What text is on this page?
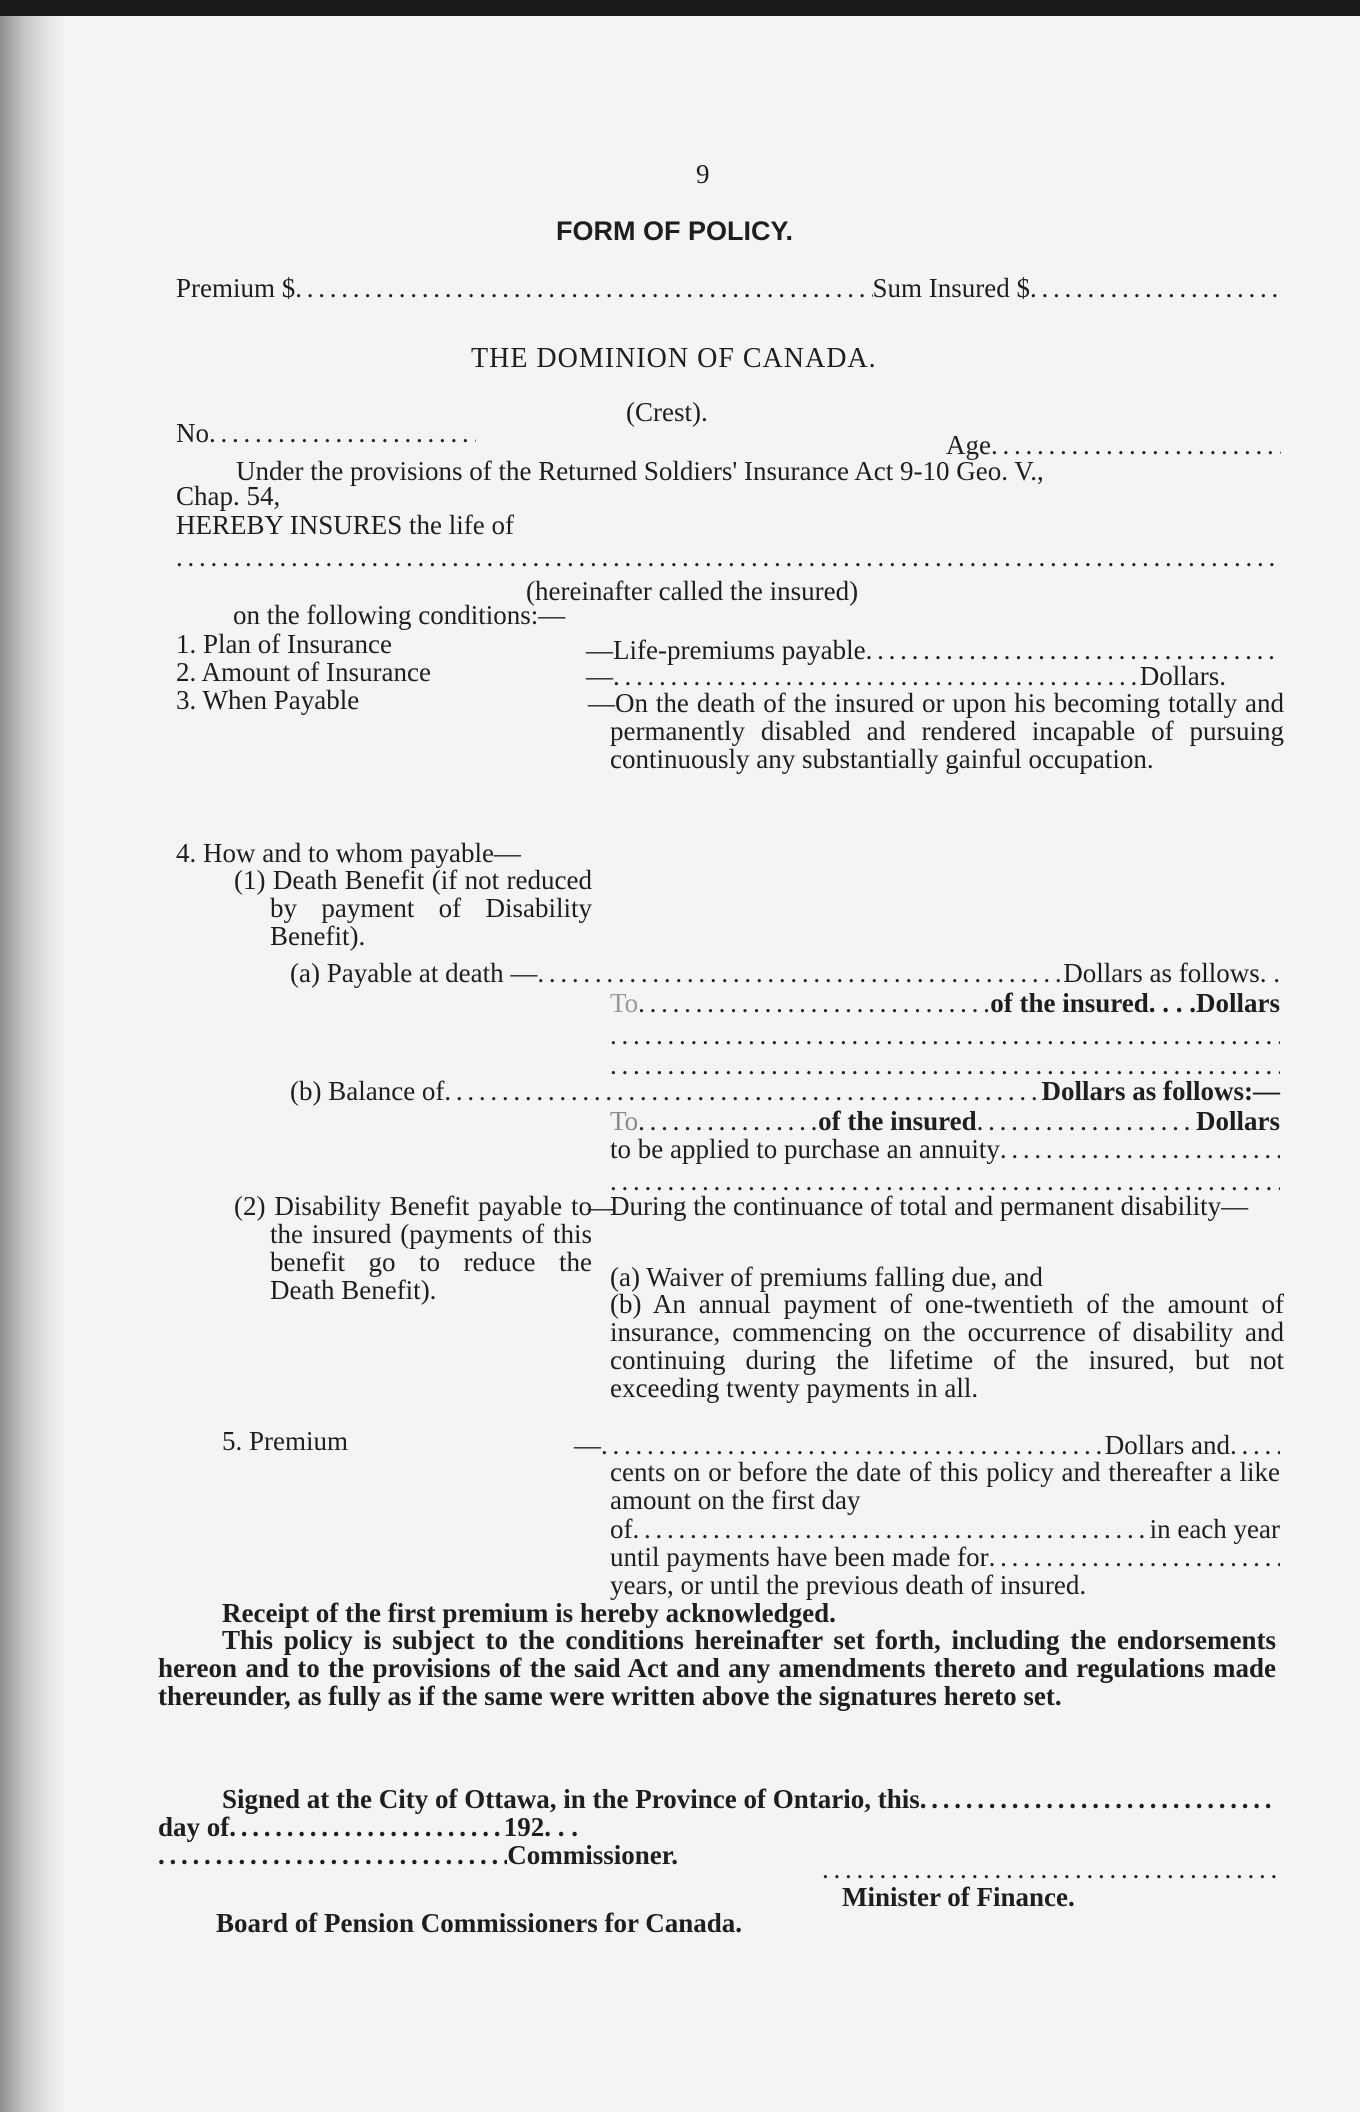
9
FORM OF POLICY.
Premium $ . . .	Sum Insured $
. . .
THE DOMINION OF CANADA.
(Crest).
No . . .	Age
. . .
Under the provisions of the Returned Soldiers' Insurance Act 9-10 Geo. V.,
Chap. 54,
HEREBY INSURES the life of
. . .
(hereinafter called the insured)
on the following conditions:—
1. Plan of Insurance	—Life-premiums payable
. . .
2. Amount of Insurance	— . . .	Dollars.
3. When Payable	—On the death of the insured or upon his becoming totally and permanently disabled and rendered incapable of pursuing continuously any substantially gainful occupation.
4. How and to whom payable—
(1) Death Benefit (if not reduced by payment of Disability Benefit).
(a) Payable at death — . . .	Dollars as follows. .
To . . .	of the insured. . . .Dollars
. . .
. . .
(b) Balance of . . .	Dollars as follows:—
To . . .	of the insured . . .	Dollars
to be applied to purchase an annuity
. . .
. . .
(2) Disability Benefit payable to the insured (payments of this benefit go to reduce the Death Benefit).
—
During the continuance of total and permanent disability—
(a) Waiver of premiums falling due, and
(b) An annual payment of one-twentieth of the amount of insurance, commencing on the occurrence of disability and continuing during the lifetime of the insured, but not exceeding twenty payments in all.
5. Premium	— . . .	Dollars and
. . .
cents on or before the date of this policy and thereafter a like amount on the first day
of . . .	in each year
until payments have been made for
. . .
years, or until the previous death of insured.
Receipt of the first premium is hereby acknowledged.
This policy is subject to the conditions hereinafter set forth, including the endorsements hereon and to the provisions of the said Act and any amendments thereto and regulations made thereunder, as fully as if the same were written above the signatures hereto set.
Signed at the City of Ottawa, in the Province of Ontario, this
. . .
day of . . .	192. . .
. . .
Commissioner.
. . .
Minister of Finance.
Board of Pension Commissioners for Canada.
